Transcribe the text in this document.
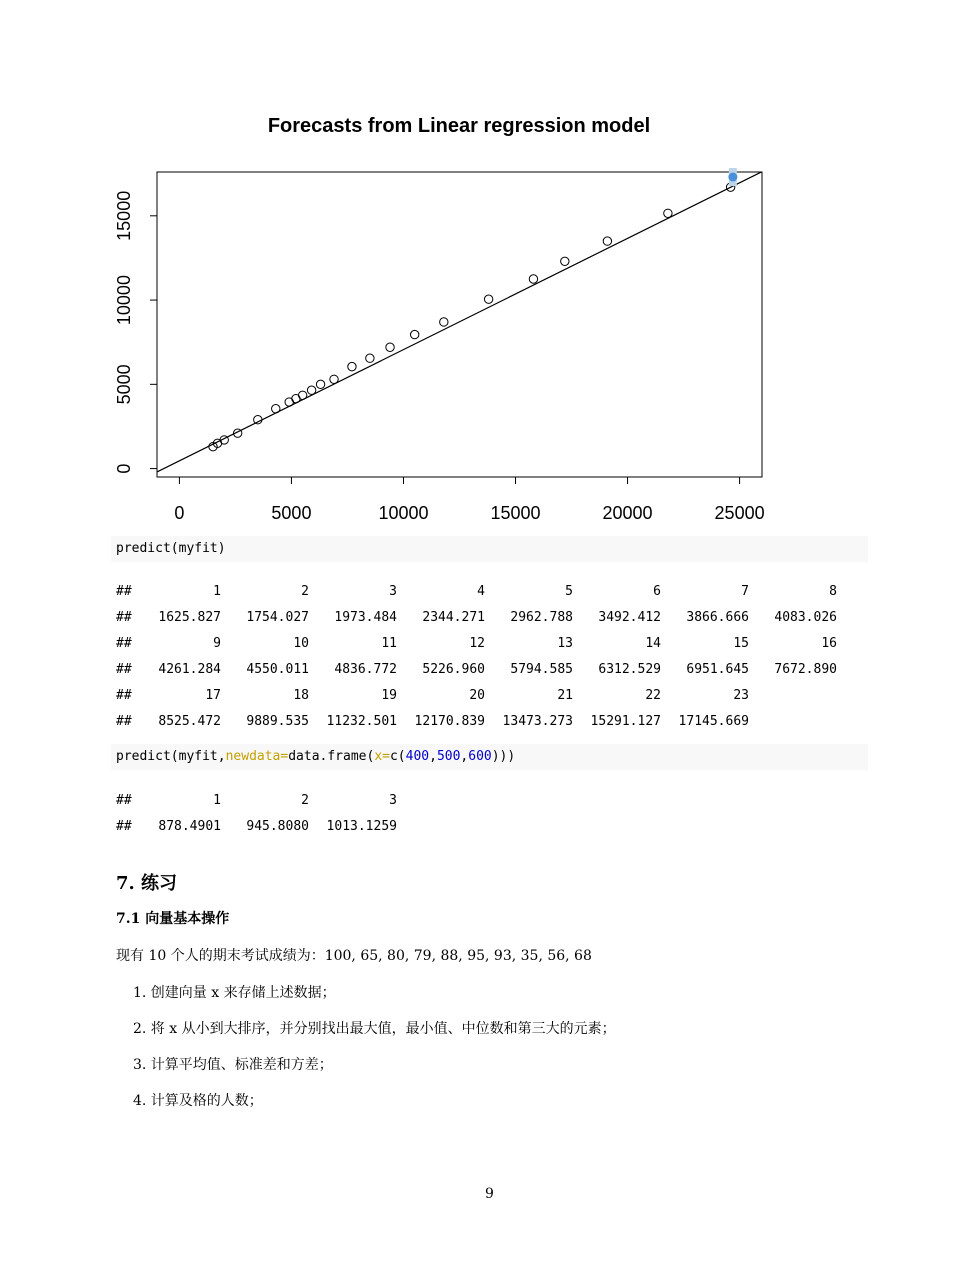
Forecasts from Linear regression model
0	5000	10000	15000	20000	25000
0
5000
10000
15000
predict(myfit)
##	1	2	3	4	5	6	7	8
##	1625.827	1754.027	1973.484	2344.271	2962.788	3492.412	3866.666	4083.026
##	9	10	11	12	13	14	15	16
##	4261.284	4550.011	4836.772	5226.960	5794.585	6312.529	6951.645	7672.890
##	17	18	19	20	21	22	23
##	8525.472	9889.535	11232.501	12170.839	13473.273	15291.127	17145.669
predict(myfit,newdata=data.frame(x=c(400,500,600)))
##	1	2	3
##	878.4901	945.8080	1013.1259
7. 练习
7.1 向量基本操作
现有 10 个人的期末考试成绩为：100, 65, 80, 79, 88, 95, 93, 35, 56, 68
1. 创建向量 x 来存储上述数据；
2. 将 x 从小到大排序，并分别找出最大值，最小值、中位数和第三大的元素；
3. 计算平均值、标准差和方差；
4. 计算及格的人数；
9
